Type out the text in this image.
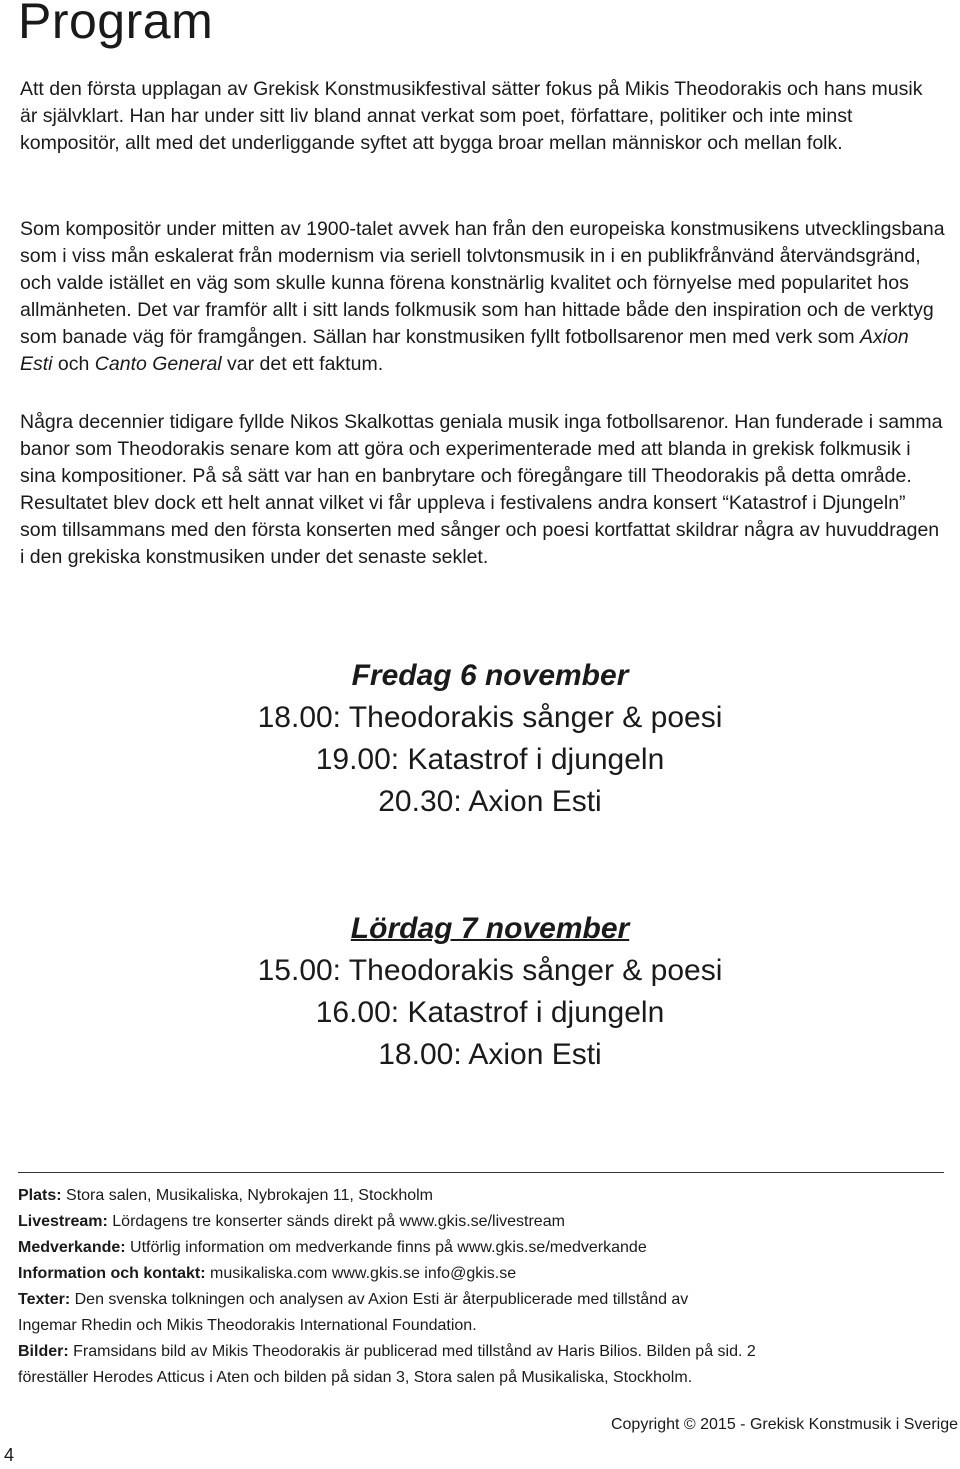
Program

Att den första upplagan av Grekisk Konstmusikfestival sätter fokus på Mikis Theodorakis och hans musik är självklart. Han har under sitt liv bland annat verkat som poet, författare, politiker och inte minst kompositör, allt med det underliggande syftet att bygga broar mellan människor och mellan folk.

Som kompositör under mitten av 1900-talet avvek han från den europeiska konstmusikens utvecklingsbana som i viss mån eskalerat från modernism via seriell tolvtonsmusik in i en publikfrånvänd återvändsgränd, och valde istället en väg som skulle kunna förena konstnärlig kvalitet och förnyelse med popularitet hos allmänheten. Det var framför allt i sitt lands folkmusik som han hittade både den inspiration och de verktyg som banade väg för framgången. Sällan har konstmusiken fyllt fotbollsarenor men med verk som Axion Esti och Canto General var det ett faktum.

Några decennier tidigare fyllde Nikos Skalkottas geniala musik inga fotbollsarenor. Han funderade i samma banor som Theodorakis senare kom att göra och experimenterade med att blanda in grekisk folkmusik i sina kompositioner. På så sätt var han en banbrytare och föregångare till Theodorakis på detta område. Resultatet blev dock ett helt annat vilket vi får uppleva i festivalens andra konsert “Katastrof i Djungeln” som tillsammans med den första konserten med sånger och poesi kortfattat skildrar några av huvuddragen i den grekiska konstmusiken under det senaste seklet.

Fredag 6 november

18.00: Theodorakis sånger & poesi

19.00: Katastrof i djungeln

20.30: Axion Esti

Lördag 7 november

15.00: Theodorakis sånger & poesi

16.00: Katastrof i djungeln

18.00: Axion Esti

Plats: Stora salen, Musikaliska, Nybrokajen 11, Stockholm

Livestream: Lördagens tre konserter sänds direkt på www.gkis.se/livestream

Medverkande: Utförlig information om medverkande finns på www.gkis.se/medverkande

Information och kontakt: musikaliska.com www.gkis.se info@gkis.se

Texter: Den svenska tolkningen och analysen av Axion Esti är återpublicerade med tillstånd av

Ingemar Rhedin och Mikis Theodorakis International Foundation.

Bilder: Framsidans bild av Mikis Theodorakis är publicerad med tillstånd av Haris Bilios. Bilden på sid. 2

föreställer Herodes Atticus i Aten och bilden på sidan 3, Stora salen på Musikaliska, Stockholm.

Copyright © 2015 - Grekisk Konstmusik i Sverige
4
